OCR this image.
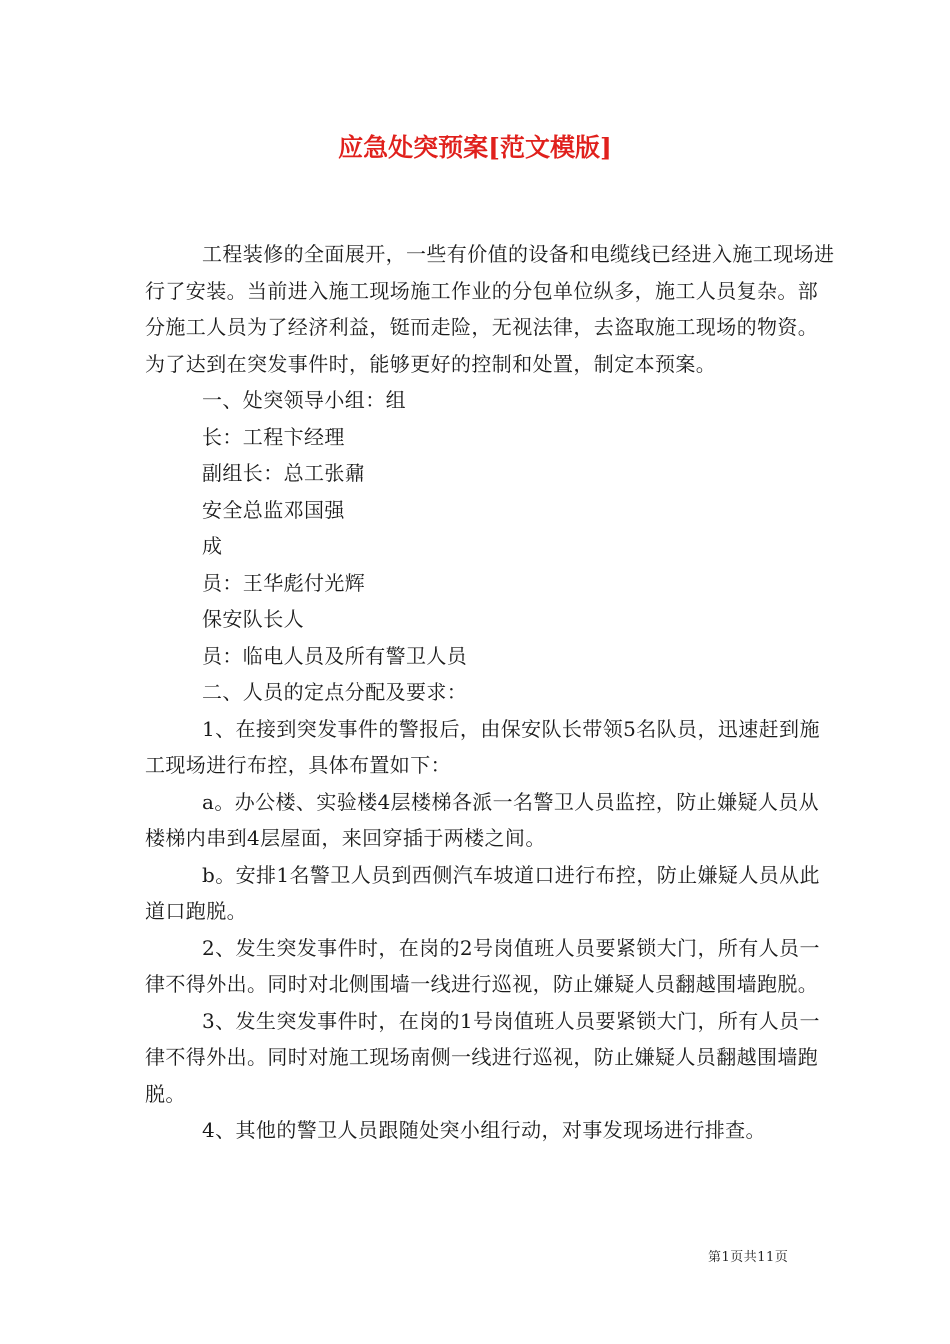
应急处突预案[范文模版]

工程装修的全面展开，一些有价值的设备和电缆线已经进入施工现场进行了安装。当前进入施工现场施工作业的分包单位纵多，施工人员复杂。部分施工人员为了经济利益，铤而走险，无视法律，去盗取施工现场的物资。为了达到在突发事件时，能够更好的控制和处置，制定本预案。

一、处突领导小组：组

长：工程卞经理

副组长：总工张鼐

安全总监邓国强

成

员：王华彪付光辉

保安队长人

员：临电人员及所有警卫人员

二、人员的定点分配及要求：

1、在接到突发事件的警报后，由保安队长带领5名队员，迅速赶到施工现场进行布控，具体布置如下：

a。办公楼、实验楼4层楼梯各派一名警卫人员监控，防止嫌疑人员从楼梯内串到4层屋面，来回穿插于两楼之间。

b。安排1名警卫人员到西侧汽车坡道口进行布控，防止嫌疑人员从此道口跑脱。

2、发生突发事件时，在岗的2号岗值班人员要紧锁大门，所有人员一律不得外出。同时对北侧围墙一线进行巡视，防止嫌疑人员翻越围墙跑脱。

3、发生突发事件时，在岗的1号岗值班人员要紧锁大门，所有人员一律不得外出。同时对施工现场南侧一线进行巡视，防止嫌疑人员翻越围墙跑脱。

4、其他的警卫人员跟随处突小组行动，对事发现场进行排查。

第1页共11页
